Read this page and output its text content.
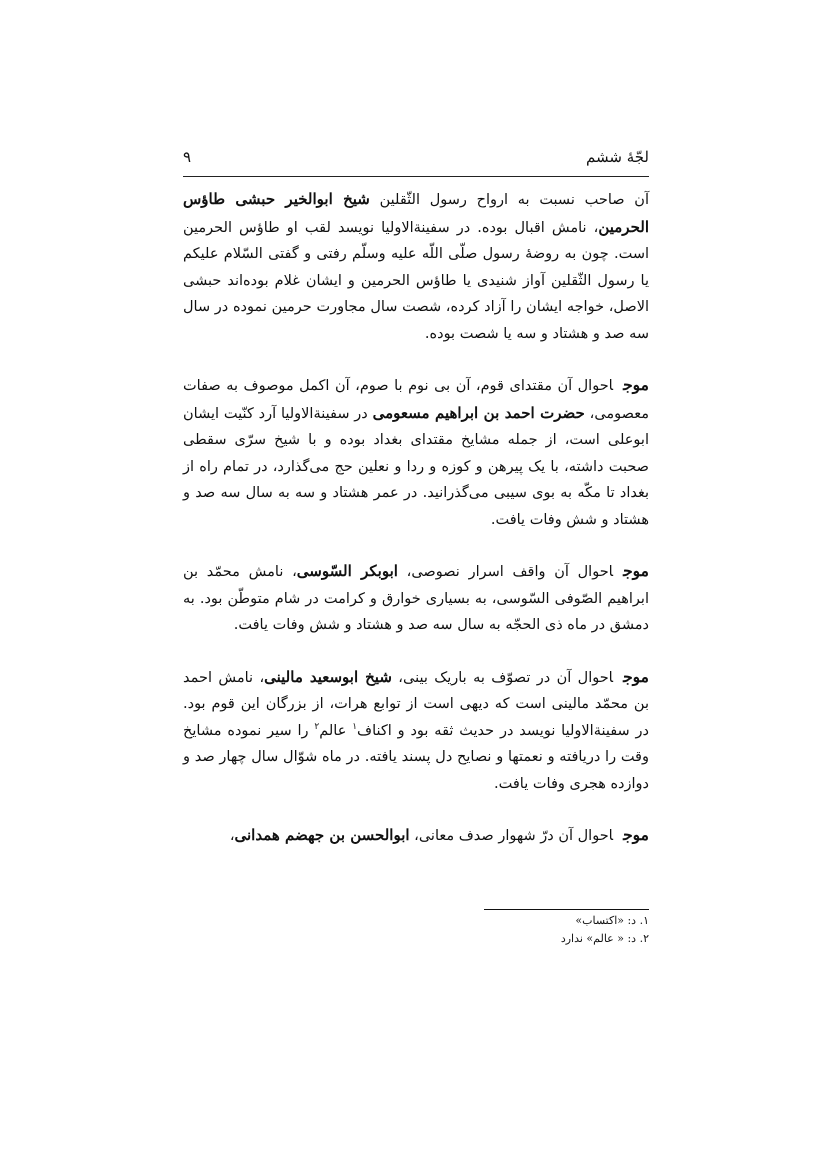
لجّهٔ ششم
۹

آن صاحب نسبت به ارواح رسول الثّقلین شیخ ابوالخیر حبشی طاؤس الحرمین، نامش اقبال بوده. در سفینةالاولیا نویسد لقب او طاؤس الحرمین است. چون به روضهٔ رسول صلّی اللّه علیه وسلّم رفتی و گفتی السّلام علیکم یا رسول الثّقلین آواز شنیدی یا طاؤس الحرمین و ایشان غلام بوده‌اند حبشی الاصل، خواجه ایشان را آزاد کرده، شصت سال مجاورت حرمین نموده در سال سه صد و هشتاد و سه یا شصت بوده.

موجاحوال آن مقتدای قوم، آن بی نوم با صوم، آن اکمل موصوف به صفات معصومی، حضرت احمد بن ابراهیم مسعومی در سفینةالاولیا آرد کنّیت ایشان ابوعلی است، از جمله مشایخ مقتدای بغداد بوده و با شیخ سرّی سقطی صحبت داشته، با یک پیرهن و کوزه و ردا و نعلین حج می‌گذارد، در تمام راه از بغداد تا مکّه به بوی سیبی می‌گذرانید. در عمر هشتاد و سه به سال سه صد و هشتاد و شش وفات یافت.

موجاحوال آن واقف اسرار نصوصی، ابوبکر السّوسی، نامش محمّد بن ابراهیم الصّوفی السّوسی، به بسیاری خوارق و کرامت در شام متوطّن بود. به دمشق در ماه ذی الحجّه به سال سه صد و هشتاد و شش وفات یافت.

موجاحوال آن در تصوّف به باریک بینی، شیخ ابوسعید مالینی، نامش احمد بن محمّد مالینی است که دیهی است از توابع هرات، از بزرگان این قوم بود. در سفینةالاولیا نویسد در حدیث ثقه بود و اکناف$^۱$ عالم$^۲$ را سیر نموده مشایخ وقت را دریافته و نعمتها و نصایح دل پسند یافته. در ماه شوّال سال چهار صد و دوازده هجری وفات یافت.

موجاحوال آن درّ شهوار صدف معانی، ابوالحسن بن جهضم همدانی،

۱. د: «اکتساب»
۲. د: « عالم» ندارد
